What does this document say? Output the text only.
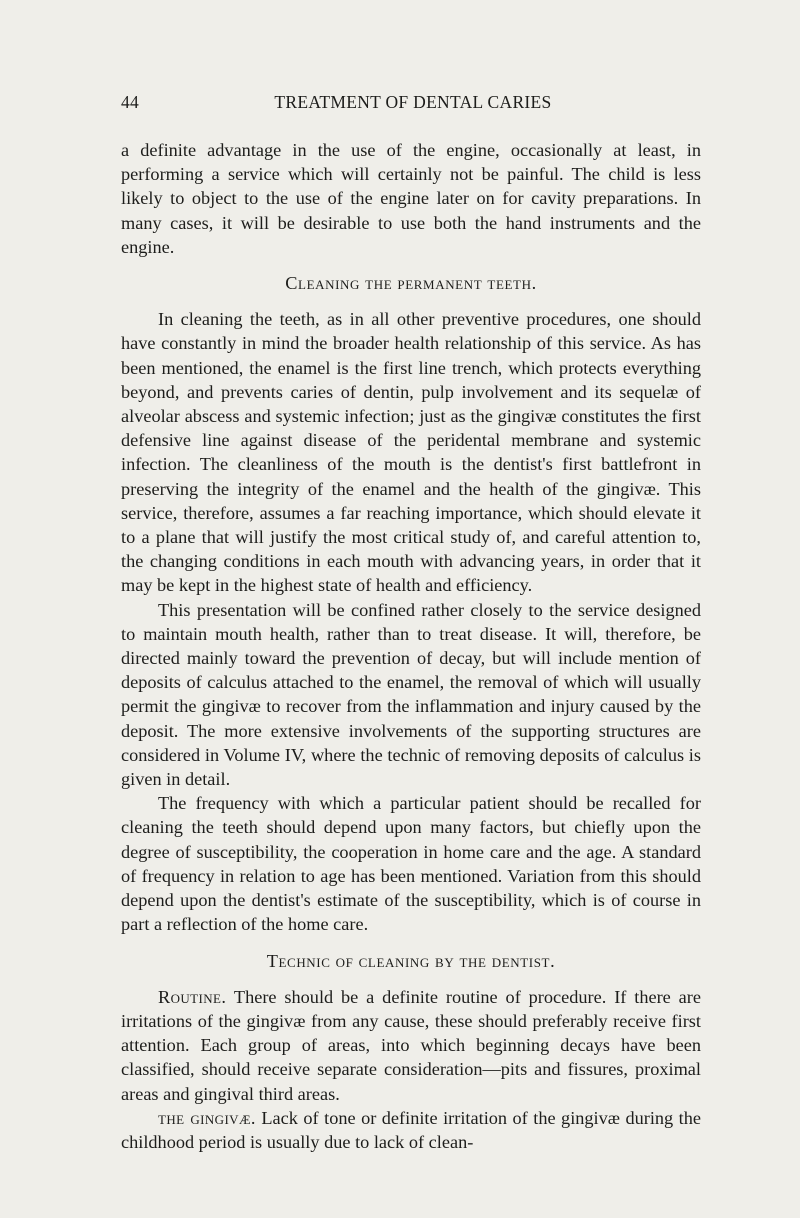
44	TREATMENT OF DENTAL CARIES

a definite advantage in the use of the engine, occasionally at least, in performing a service which will certainly not be painful. The child is less likely to object to the use of the engine later on for cavity preparations. In many cases, it will be desirable to use both the hand instruments and the engine.

Cleaning the permanent teeth.

In cleaning the teeth, as in all other preventive procedures, one should have constantly in mind the broader health relationship of this service. As has been mentioned, the enamel is the first line trench, which protects everything beyond, and prevents caries of dentin, pulp involvement and its sequelæ of alveolar abscess and systemic infection; just as the gingivæ constitutes the first defensive line against disease of the peridental membrane and systemic infection. The cleanliness of the mouth is the dentist's first battlefront in preserving the integrity of the enamel and the health of the gingivæ. This service, therefore, assumes a far reaching importance, which should elevate it to a plane that will justify the most critical study of, and careful attention to, the changing conditions in each mouth with advancing years, in order that it may be kept in the highest state of health and efficiency.

This presentation will be confined rather closely to the service designed to maintain mouth health, rather than to treat disease. It will, therefore, be directed mainly toward the prevention of decay, but will include mention of deposits of calculus attached to the enamel, the removal of which will usually permit the gingivæ to recover from the inflammation and injury caused by the deposit. The more extensive involvements of the supporting structures are considered in Volume IV, where the technic of removing deposits of calculus is given in detail.

The frequency with which a particular patient should be recalled for cleaning the teeth should depend upon many factors, but chiefly upon the degree of susceptibility, the cooperation in home care and the age. A standard of frequency in relation to age has been mentioned. Variation from this should depend upon the dentist's estimate of the susceptibility, which is of course in part a reflection of the home care.

Technic of cleaning by the dentist.

Routine. There should be a definite routine of procedure. If there are irritations of the gingivæ from any cause, these should preferably receive first attention. Each group of areas, into which beginning decays have been classified, should receive separate consideration—pits and fissures, proximal areas and gingival third areas.

the gingivæ. Lack of tone or definite irritation of the gingivæ during the childhood period is usually due to lack of clean-
